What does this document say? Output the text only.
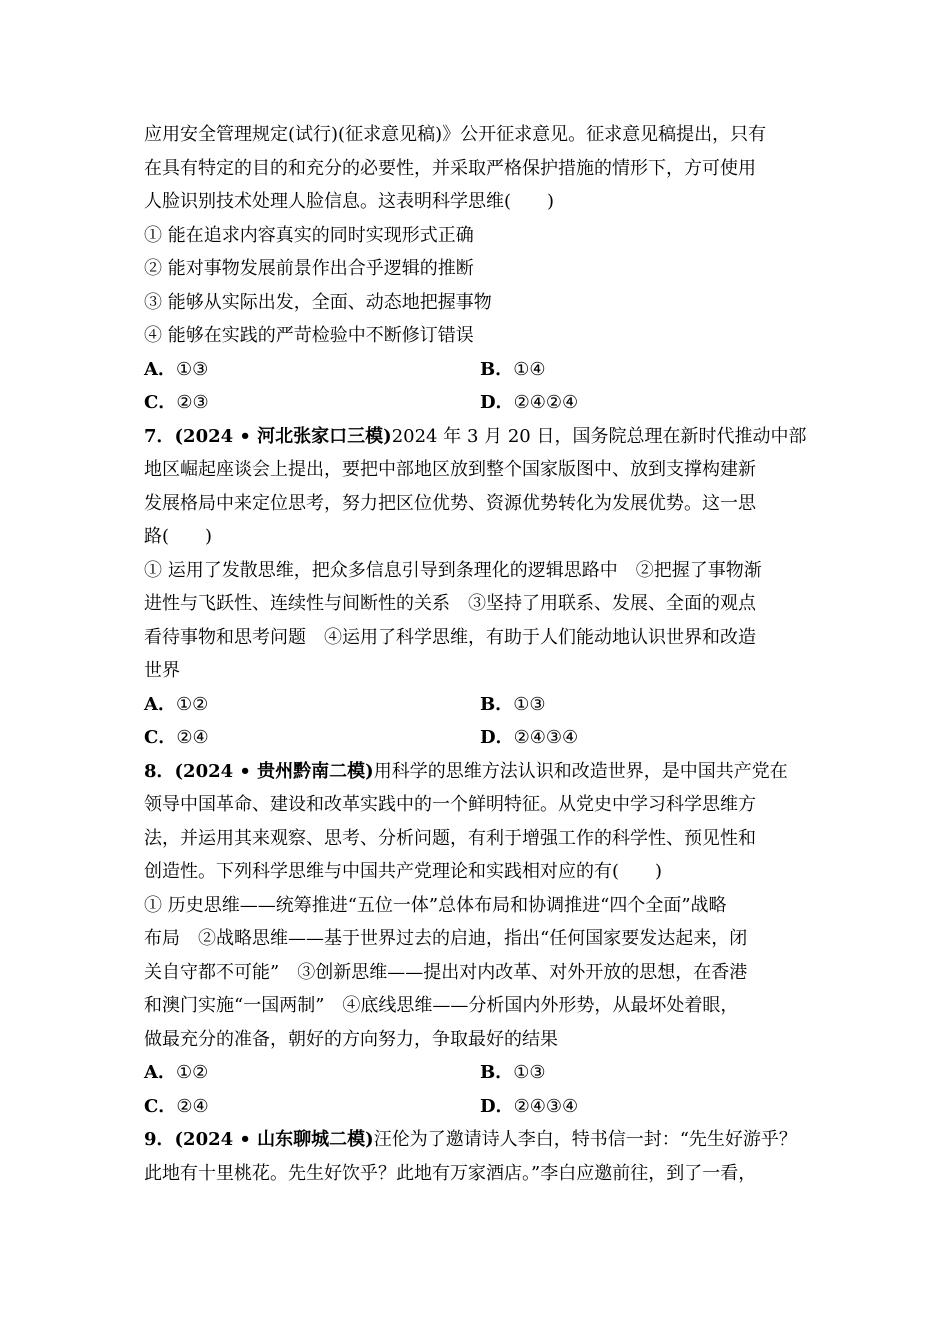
应用安全管理规定(试行)(征求意见稿)》公开征求意见。征求意见稿提出，只有
在具有特定的目的和充分的必要性，并采取严格保护措施的情形下，方可使用
人脸识别技术处理人脸信息。这表明科学思维(　　)
① 能在追求内容真实的同时实现形式正确
② 能对事物发展前景作出合乎逻辑的推断
③ 能够从实际出发，全面、动态地把握事物
④ 能够在实践的严苛检验中不断修订错误
A．①③	B．①④
C．②③	D．②④②④
7．(2024 • 河北张家口三模)2024 年 3 月 20 日，国务院总理在新时代推动中部
地区崛起座谈会上提出，要把中部地区放到整个国家版图中、放到支撑构建新
发展格局中来定位思考，努力把区位优势、资源优势转化为发展优势。这一思
路(　　)
① 运用了发散思维，把众多信息引导到条理化的逻辑思路中　②把握了事物渐
进性与飞跃性、连续性与间断性的关系　③坚持了用联系、发展、全面的观点
看待事物和思考问题　④运用了科学思维，有助于人们能动地认识世界和改造
世界
A．①②	B．①③
C．②④	D．②④③④
8．(2024 • 贵州黔南二模)用科学的思维方法认识和改造世界，是中国共产党在
领导中国革命、建设和改革实践中的一个鲜明特征。从党史中学习科学思维方
法，并运用其来观察、思考、分析问题，有利于增强工作的科学性、预见性和
创造性。下列科学思维与中国共产党理论和实践相对应的有(　　)
① 历史思维——统筹推进“五位一体”总体布局和协调推进“四个全面”战略
布局　②战略思维——基于世界过去的启迪，指出“任何国家要发达起来，闭
关自守都不可能”　③创新思维——提出对内改革、对外开放的思想，在香港
和澳门实施“一国两制”　④底线思维——分析国内外形势，从最坏处着眼，
做最充分的准备，朝好的方向努力，争取最好的结果
A．①②	B．①③
C．②④	D．②④③④
9．(2024 • 山东聊城二模)汪伦为了邀请诗人李白，特书信一封：“先生好游乎？
此地有十里桃花。先生好饮乎？此地有万家酒店。”李白应邀前往，到了一看，
